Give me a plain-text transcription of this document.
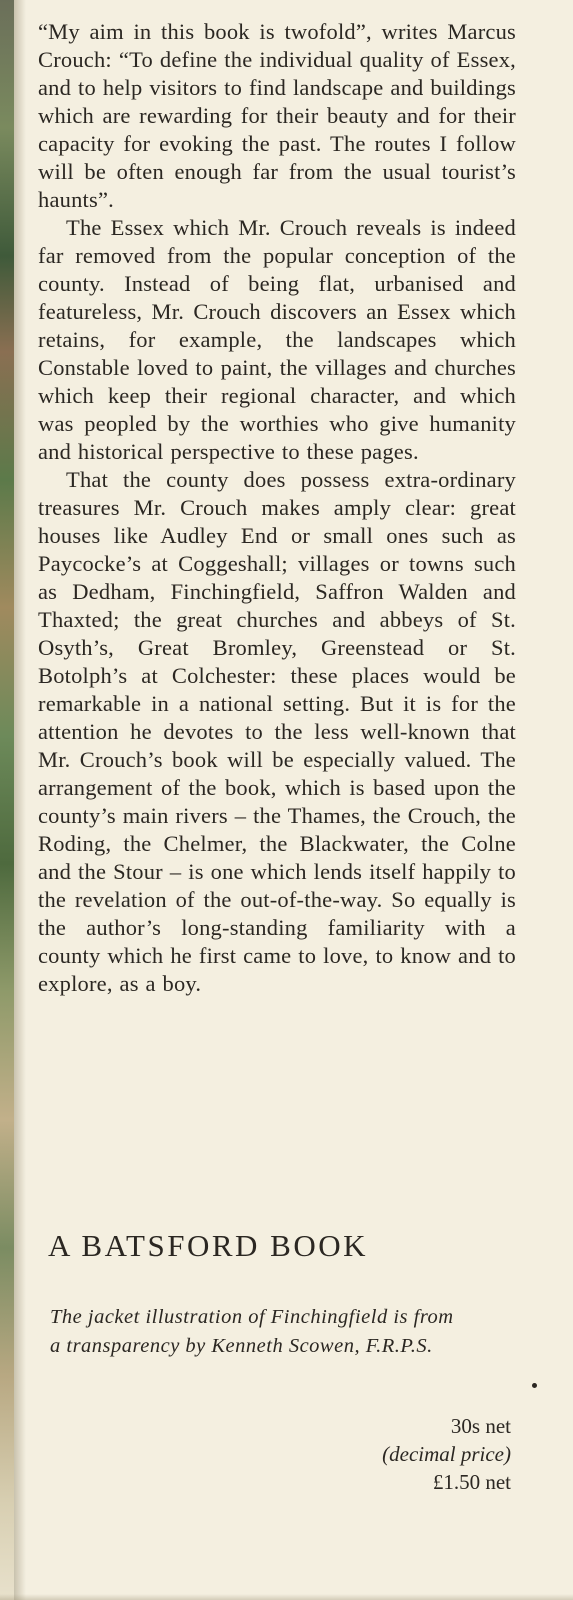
“My aim in this book is twofold”, writes Marcus Crouch: “To define the individual quality of Essex, and to help visitors to find landscape and buildings which are rewarding for their beauty and for their capacity for evoking the past. The routes I follow will be often enough far from the usual tourist’s haunts”.

The Essex which Mr. Crouch reveals is indeed far removed from the popular conception of the county. Instead of being flat, urbanised and featureless, Mr. Crouch discovers an Essex which retains, for example, the landscapes which Constable loved to paint, the villages and churches which keep their regional character, and which was peopled by the worthies who give humanity and historical perspective to these pages.

That the county does possess extra-ordinary treasures Mr. Crouch makes amply clear: great houses like Audley End or small ones such as Paycocke’s at Coggeshall; villages or towns such as Dedham, Finchingfield, Saffron Walden and Thaxted; the great churches and abbeys of St. Osyth’s, Great Bromley, Greenstead or St. Botolph’s at Colchester: these places would be remarkable in a national setting. But it is for the attention he devotes to the less well-known that Mr. Crouch’s book will be especially valued. The arrangement of the book, which is based upon the county’s main rivers – the Thames, the Crouch, the Roding, the Chelmer, the Blackwater, the Colne and the Stour – is one which lends itself happily to the revelation of the out-of-the-way. So equally is the author’s long-standing familiarity with a county which he first came to love, to know and to explore, as a boy.

A BATSFORD BOOK
The jacket illustration of Finchingfield is from
a transparency by Kenneth Scowen, F.R.P.S.
30s net
(decimal price)
£1.50 net
